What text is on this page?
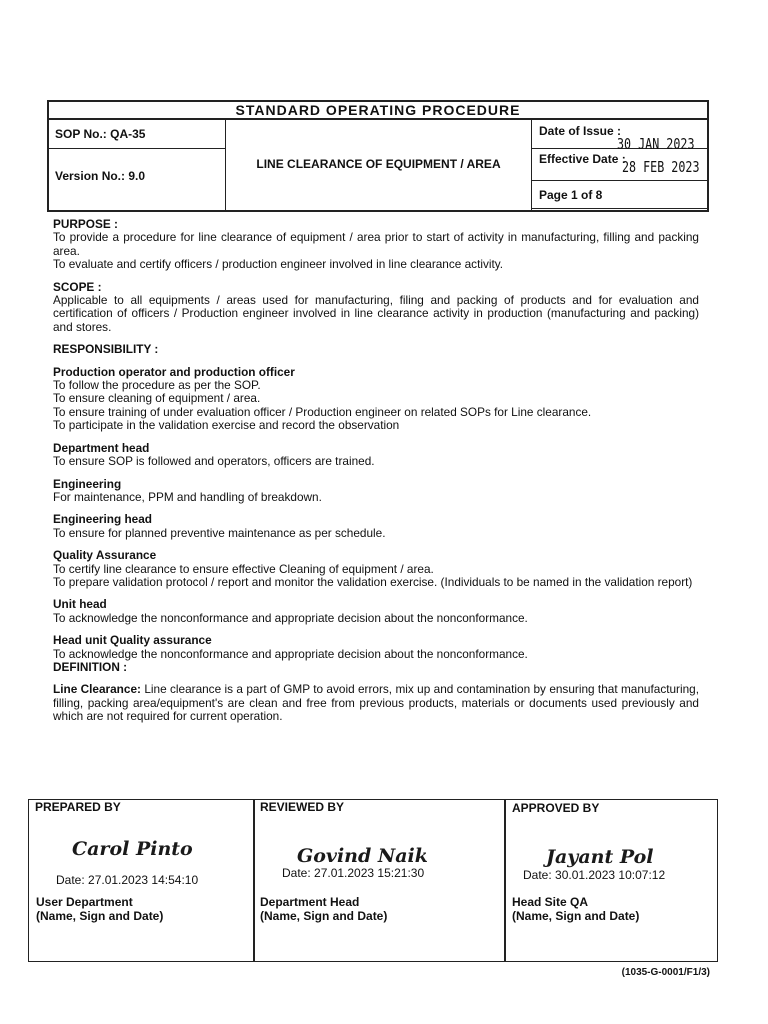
STANDARD OPERATING PROCEDURE
SOP No.: QA-35
Version No.: 9.0
LINE CLEARANCE OF EQUIPMENT / AREA
Date of Issue :
30 JAN 2023
Effective Date :
28 FEB 2023
Page 1 of 8

PURPOSE :

To provide a procedure for line clearance of equipment / area prior to start of activity in manufacturing, filling and packing area.

To evaluate and certify officers / production engineer involved in line clearance activity.

SCOPE :

Applicable to all equipments / areas used for manufacturing, filing and packing of products and for evaluation and certification of officers / Production engineer involved in line clearance activity in production (manufacturing and packing) and stores.

RESPONSIBILITY :

Production operator and production officer

To follow the procedure as per the SOP.

To ensure cleaning of equipment / area.

To ensure training of under evaluation officer / Production engineer on related SOPs for Line clearance.

To participate in the validation exercise and record the observation

Department head

To ensure SOP is followed and operators, officers are trained.

Engineering

For maintenance, PPM and handling of breakdown.

Engineering head

To ensure for planned preventive maintenance as per schedule.

Quality Assurance

To certify line clearance to ensure effective Cleaning of equipment / area.

To prepare validation protocol / report and monitor the validation exercise. (Individuals to be named in the validation report)

Unit head

To acknowledge the nonconformance and appropriate decision about the nonconformance.

Head unit Quality assurance

To acknowledge the nonconformance and appropriate decision about the nonconformance.

DEFINITION :

Line Clearance: Line clearance is a part of GMP to avoid errors, mix up and contamination by ensuring that manufacturing, filling, packing area/equipment's are clean and free from previous products, materials or documents used previously and which are not required for current operation.

PREPARED BY
Carol Pinto
Date: 27.01.2023 14:54:10
User Department
(Name, Sign and Date)
REVIEWED BY
Govind Naik
Date: 27.01.2023 15:21:30
Department Head
(Name, Sign and Date)
APPROVED BY
Jayant Pol
Date: 30.01.2023 10:07:12
Head Site QA
(Name, Sign and Date)
(1035-G-0001/F1/3)
